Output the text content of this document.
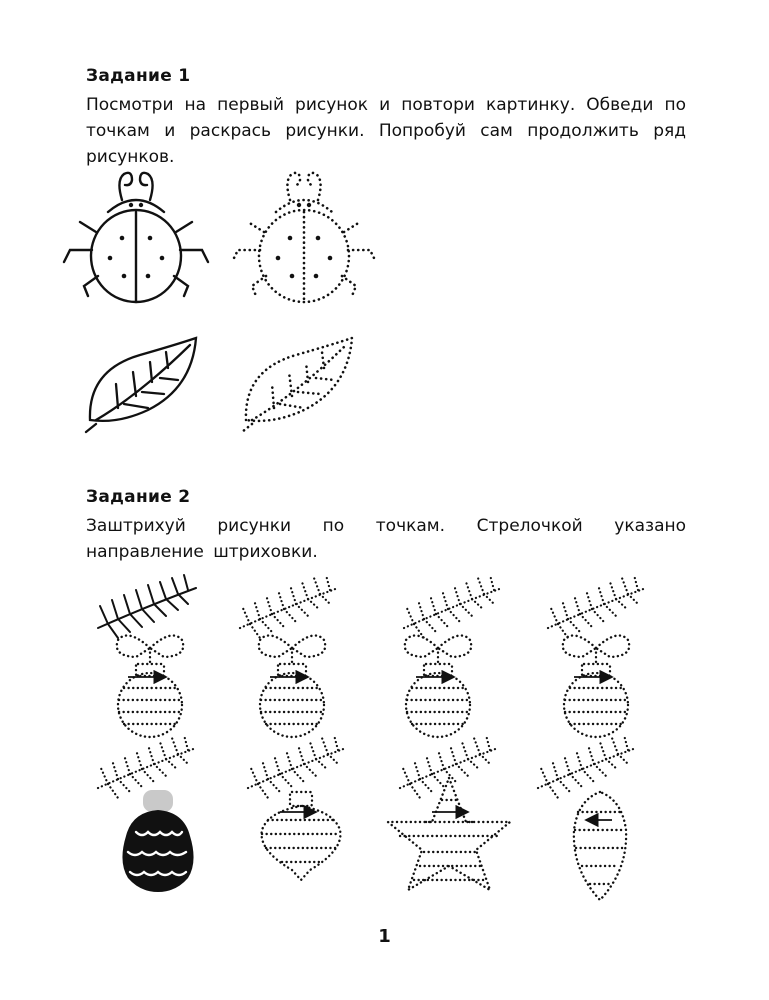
Задание 1
Посмотри на первый рисунок и повтори картинку. Обведи по точкам и раскрась рисунки. Попробуй сам продолжить ряд рисунков.
Задание 2
Заштрихуй рисунки по точкам. Стрелочкой указано направление штриховки.
1
